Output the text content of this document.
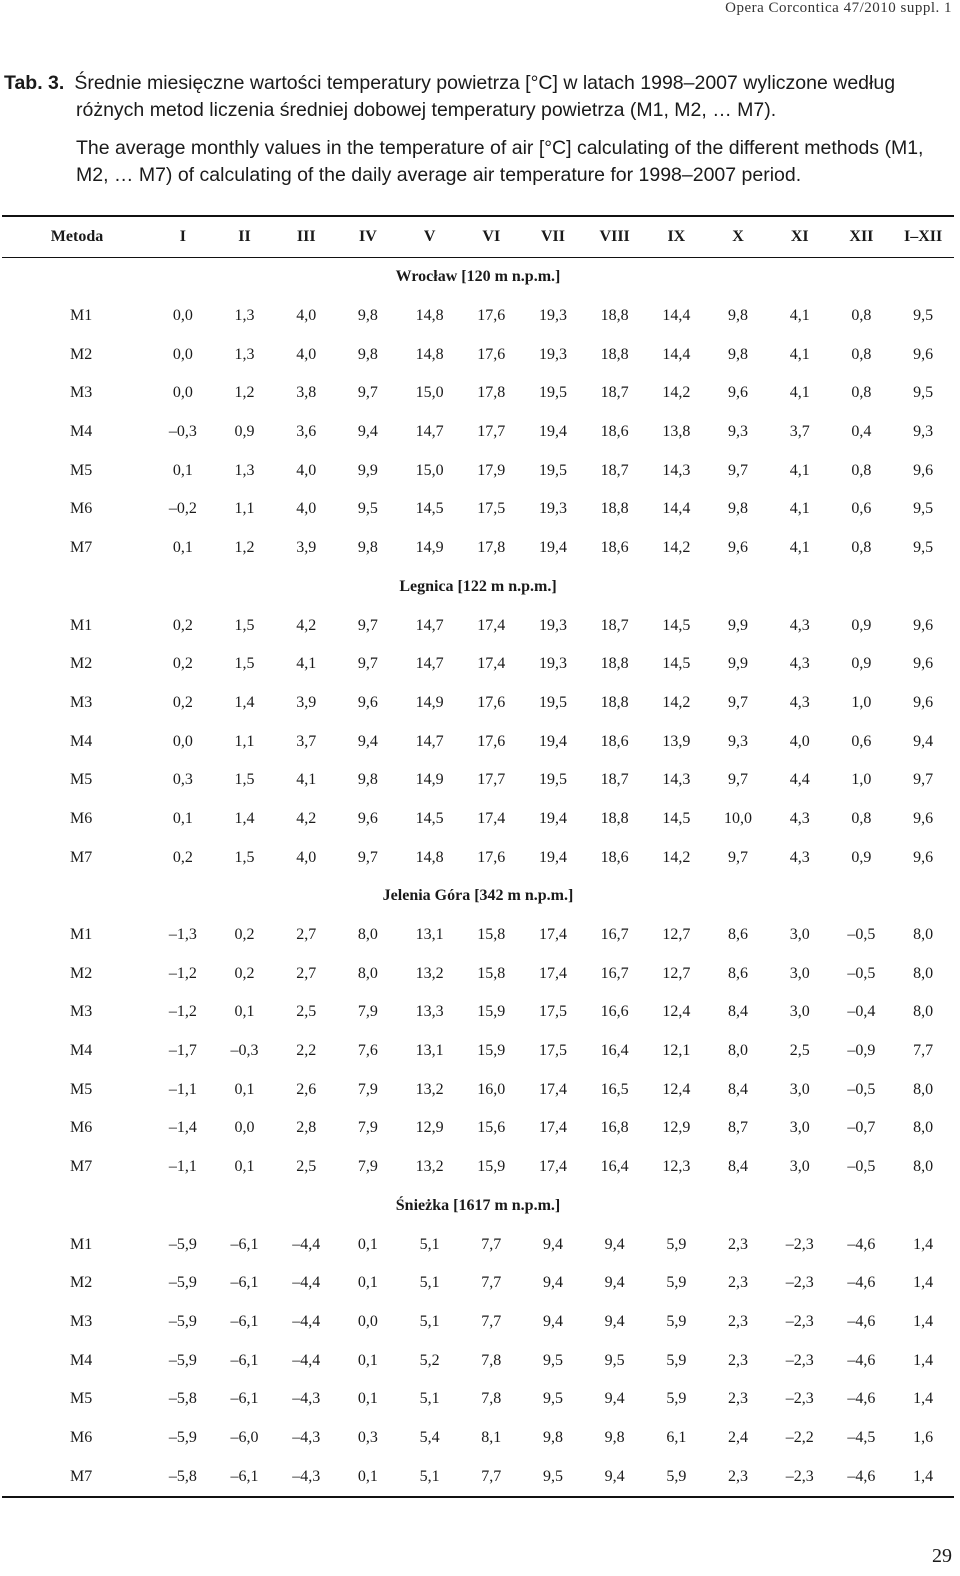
Opera Corcontica 47/2010 suppl. 1

Tab. 3. Średnie miesięczne wartości temperatury powietrza [°C] w latach 1998–2007 wyliczone według
różnych metod liczenia średniej dobowej temperatury powietrza (M1, M2, … M7).

The average monthly values in the temperature of air [°C] calculating of the different methods (M1, M2, … M7) of calculating of the daily average air temperature for 1998–2007 period.

Metoda	I	II	III	IV	V	VI	VII	VIII	IX	X	XI	XII	I–XII
Wrocław [120 m n.p.m.]													
M1	0,0	1,3	4,0	9,8	14,8	17,6	19,3	18,8	14,4	9,8	4,1	0,8	9,5
M2	0,0	1,3	4,0	9,8	14,8	17,6	19,3	18,8	14,4	9,8	4,1	0,8	9,6
M3	0,0	1,2	3,8	9,7	15,0	17,8	19,5	18,7	14,2	9,6	4,1	0,8	9,5
M4	–0,3	0,9	3,6	9,4	14,7	17,7	19,4	18,6	13,8	9,3	3,7	0,4	9,3
M5	0,1	1,3	4,0	9,9	15,0	17,9	19,5	18,7	14,3	9,7	4,1	0,8	9,6
M6	–0,2	1,1	4,0	9,5	14,5	17,5	19,3	18,8	14,4	9,8	4,1	0,6	9,5
M7	0,1	1,2	3,9	9,8	14,9	17,8	19,4	18,6	14,2	9,6	4,1	0,8	9,5
Legnica [122 m n.p.m.]													
M1	0,2	1,5	4,2	9,7	14,7	17,4	19,3	18,7	14,5	9,9	4,3	0,9	9,6
M2	0,2	1,5	4,1	9,7	14,7	17,4	19,3	18,8	14,5	9,9	4,3	0,9	9,6
M3	0,2	1,4	3,9	9,6	14,9	17,6	19,5	18,8	14,2	9,7	4,3	1,0	9,6
M4	0,0	1,1	3,7	9,4	14,7	17,6	19,4	18,6	13,9	9,3	4,0	0,6	9,4
M5	0,3	1,5	4,1	9,8	14,9	17,7	19,5	18,7	14,3	9,7	4,4	1,0	9,7
M6	0,1	1,4	4,2	9,6	14,5	17,4	19,4	18,8	14,5	10,0	4,3	0,8	9,6
M7	0,2	1,5	4,0	9,7	14,8	17,6	19,4	18,6	14,2	9,7	4,3	0,9	9,6
Jelenia Góra [342 m n.p.m.]													
M1	–1,3	0,2	2,7	8,0	13,1	15,8	17,4	16,7	12,7	8,6	3,0	–0,5	8,0
M2	–1,2	0,2	2,7	8,0	13,2	15,8	17,4	16,7	12,7	8,6	3,0	–0,5	8,0
M3	–1,2	0,1	2,5	7,9	13,3	15,9	17,5	16,6	12,4	8,4	3,0	–0,4	8,0
M4	–1,7	–0,3	2,2	7,6	13,1	15,9	17,5	16,4	12,1	8,0	2,5	–0,9	7,7
M5	–1,1	0,1	2,6	7,9	13,2	16,0	17,4	16,5	12,4	8,4	3,0	–0,5	8,0
M6	–1,4	0,0	2,8	7,9	12,9	15,6	17,4	16,8	12,9	8,7	3,0	–0,7	8,0
M7	–1,1	0,1	2,5	7,9	13,2	15,9	17,4	16,4	12,3	8,4	3,0	–0,5	8,0
Śnieżka [1617 m n.p.m.]													
M1	–5,9	–6,1	–4,4	0,1	5,1	7,7	9,4	9,4	5,9	2,3	–2,3	–4,6	1,4
M2	–5,9	–6,1	–4,4	0,1	5,1	7,7	9,4	9,4	5,9	2,3	–2,3	–4,6	1,4
M3	–5,9	–6,1	–4,4	0,0	5,1	7,7	9,4	9,4	5,9	2,3	–2,3	–4,6	1,4
M4	–5,9	–6,1	–4,4	0,1	5,2	7,8	9,5	9,5	5,9	2,3	–2,3	–4,6	1,4
M5	–5,8	–6,1	–4,3	0,1	5,1	7,8	9,5	9,4	5,9	2,3	–2,3	–4,6	1,4
M6	–5,9	–6,0	–4,3	0,3	5,4	8,1	9,8	9,8	6,1	2,4	–2,2	–4,5	1,6
M7	–5,8	–6,1	–4,3	0,1	5,1	7,7	9,5	9,4	5,9	2,3	–2,3	–4,6	1,4
29
